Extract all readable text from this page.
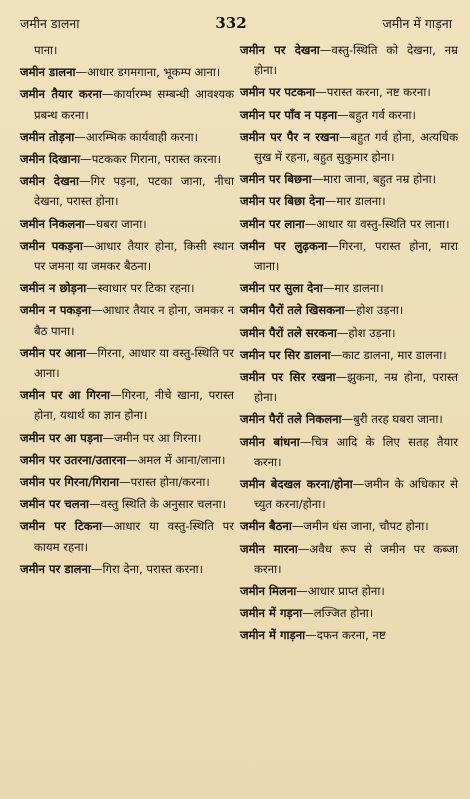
जमीन डालना	332	जमीन में गाड़ना
पाना।
जमीन डालना—आधार डगमगाना, भूकम्प आना।
जमीन तैयार करना—कार्यारम्भ सम्बन्धी आवश्यक प्रबन्ध करना।
जमीन तोड़ना—आरम्भिक कार्यवाही करना।
जमीन दिखाना—पटककर गिराना, परास्त करना।
जमीन देखना—गिर पड़ना, पटका जाना, नीचा देखना, परास्त होना।
जमीन निकलना—घबरा जाना।
जमीन पकड़ना—आधार तैयार होना, किसी स्थान पर जमना या जमकर बैठना।
जमीन न छोड़ना—स्वाधार पर टिका रहना।
जमीन न पकड़ना—आधार तैयार न होना, जमकर न बैठ पाना।
जमीन पर आना—गिरना, आधार या वस्तु-स्थिति पर आना।
जमीन पर आ गिरना—गिरना, नीचे खाना, परास्त होना, यथार्थ का ज्ञान होना।
जमीन पर आ पड़ना—जमीन पर आ गिरना।
जमीन पर उतरना/उतारना—अमल में आना/लाना।
जमीन पर गिरना/गिराना—परास्त होना/करना।
जमीन पर चलना—वस्तु स्थिति के अनुसार चलना।
जमीन पर टिकना—आधार या वस्तु-स्थिति पर कायम रहना।
जमीन पर डालना—गिरा देना, परास्त करना।
जमीन पर देखना—वस्तु-स्थिति को देखना, नम्र होना।
जमीन पर पटकना—परास्त करना, नष्ट करना।
जमीन पर पाँव न पड़ना—बहुत गर्व करना।
जमीन पर पैर न रखना—बहुत गर्व होना, अत्यधिक सुख में रहना, बहुत सुकुमार होना।
जमीन पर बिछना—मारा जाना, बहुत नम्र होना।
जमीन पर बिछा देना—मार डालना।
जमीन पर लाना—आधार या वस्तु-स्थिति पर लाना।
जमीन पर लुढ़कना—गिरना, परास्त होना, मारा जाना।
जमीन पर सुला देना—मार डालना।
जमीन पैरों तले खिसकना—होश उड़ना।
जमीन पैरों तले सरकना—होश उड़ना।
जमीन पर सिर डालना—काट डालना, मार डालना।
जमीन पर सिर रखना—झुकना, नम्र होना, परास्त होना।
जमीन पैरों तले निकलना—बुरी तरह घबरा जाना।
जमीन बांधना—चित्र आदि के लिए सतह तैयार करना।
जमीन बेदखल करना/होना—जमीन के अधिकार से च्युत करना/होना।
जमीन बैठना—जमीन धंस जाना, चौपट होना।
जमीन मारना—अवैध रूप से जमीन पर कब्जा करना।
जमीन मिलना—आधार प्राप्त होना।
जमीन में गड़ना—लज्जित होना।
जमीन में गाड़ना—दफन करना, नष्ट
